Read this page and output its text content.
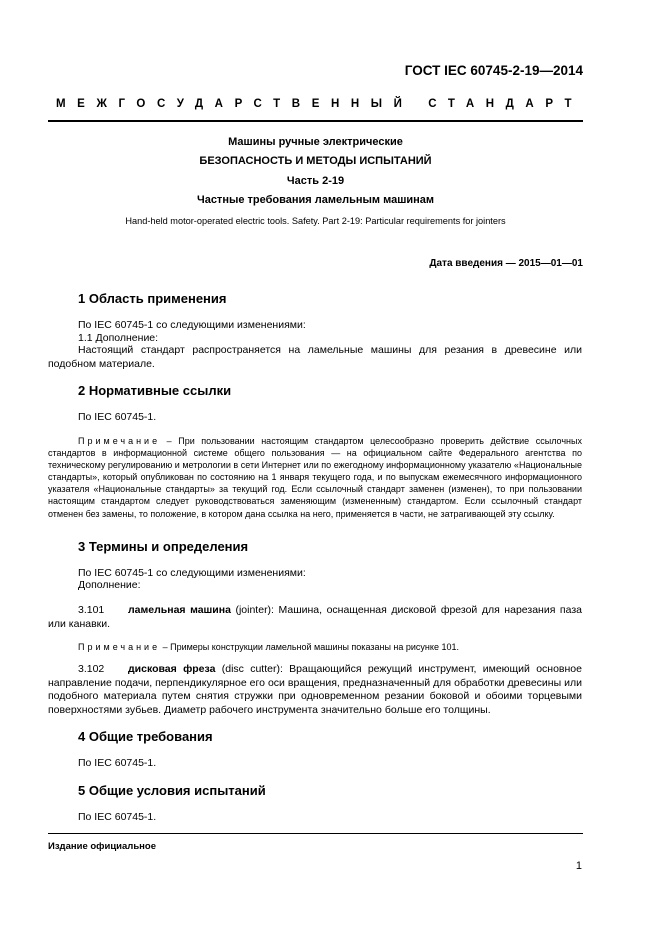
ГОСТ IEC 60745-2-19—2014
МЕЖГОСУДАРСТВЕННЫЙ СТАНДАРТ
Машины ручные электрические
БЕЗОПАСНОСТЬ И МЕТОДЫ ИСПЫТАНИЙ
Часть 2-19
Частные требования ламельным машинам
Hand-held motor-operated electric tools. Safety. Part 2-19: Particular requirements for jointers
Дата введения — 2015—01—01
1 Область применения
По IEC 60745-1 со следующими изменениями:
1.1 Дополнение:
Настоящий стандарт распространяется на ламельные машины для резания в древесине или подобном материале.
2 Нормативные ссылки
По IEC 60745-1.
Примечание – При пользовании настоящим стандартом целесообразно проверить действие ссылочных стандартов в информационной системе общего пользования — на официальном сайте Федерального агентства по техническому регулированию и метрологии в сети Интернет или по ежегодному информационному указателю «Национальные стандарты», который опубликован по состоянию на 1 января текущего года, и по выпускам ежемесячного информационного указателя «Национальные стандарты» за текущий год. Если ссылочный стандарт заменен (изменен), то при пользовании настоящим стандартом следует руководствоваться заменяющим (измененным) стандартом. Если ссылочный стандарт отменен без замены, то положение, в котором дана ссылка на него, применяется в части, не затрагивающей эту ссылку.
3 Термины и определения
По IEC 60745-1 со следующими изменениями:
Дополнение:
3.101 ламельная машина (jointer): Машина, оснащенная дисковой фрезой для нарезания паза или канавки.
Примечание – Примеры конструкции ламельной машины показаны на рисунке 101.
3.102 дисковая фреза (disc cutter): Вращающийся режущий инструмент, имеющий основное направление подачи, перпендикулярное его оси вращения, предназначенный для обработки древесины или подобного материала путем снятия стружки при одновременном резании боковой и обоими торцевыми поверхностями зубьев. Диаметр рабочего инструмента значительно больше его толщины.
4 Общие требования
По IEC 60745-1.
5 Общие условия испытаний
По IEC 60745-1.
Издание официальное
1
